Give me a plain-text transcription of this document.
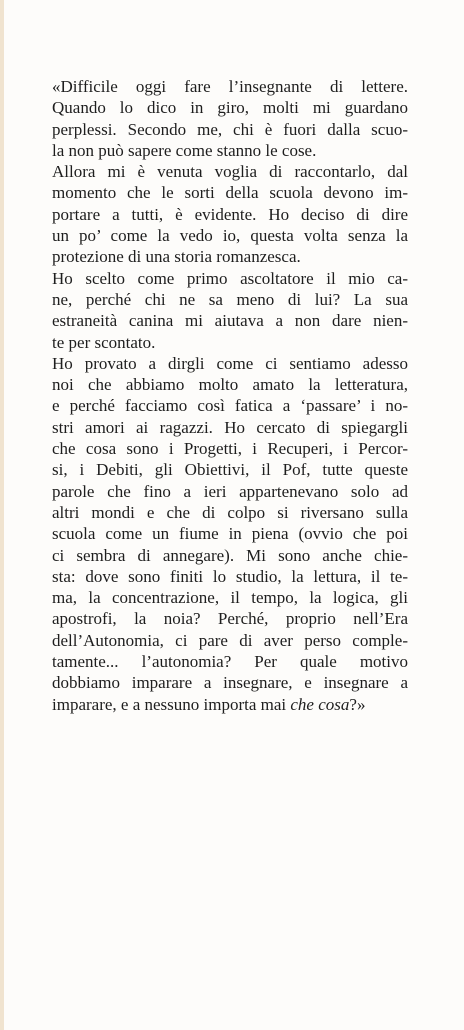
«Difficile oggi fare l’insegnante di lettere.
Quando lo dico in giro, molti mi guardano
perplessi. Secondo me, chi è fuori dalla scuo-
la non può sapere come stanno le cose.
Allora mi è venuta voglia di raccontarlo, dal
momento che le sorti della scuola devono im-
portare a tutti, è evidente. Ho deciso di dire
un po’ come la vedo io, questa volta senza la
protezione di una storia romanzesca.
Ho scelto come primo ascoltatore il mio ca-
ne, perché chi ne sa meno di lui? La sua
estraneità canina mi aiutava a non dare nien-
te per scontato.
Ho provato a dirgli come ci sentiamo adesso
noi che abbiamo molto amato la letteratura,
e perché facciamo così fatica a ‘passare’ i no-
stri amori ai ragazzi. Ho cercato di spiegargli
che cosa sono i Progetti, i Recuperi, i Percor-
si, i Debiti, gli Obiettivi, il Pof, tutte queste
parole che fino a ieri appartenevano solo ad
altri mondi e che di colpo si riversano sulla
scuola come un fiume in piena (ovvio che poi
ci sembra di annegare). Mi sono anche chie-
sta: dove sono finiti lo studio, la lettura, il te-
ma, la concentrazione, il tempo, la logica, gli
apostrofi, la noia? Perché, proprio nell’Era
dell’Autonomia, ci pare di aver perso comple-
tamente... l’autonomia? Per quale motivo
dobbiamo imparare a insegnare, e insegnare a
imparare, e a nessuno importa mai che cosa?»
